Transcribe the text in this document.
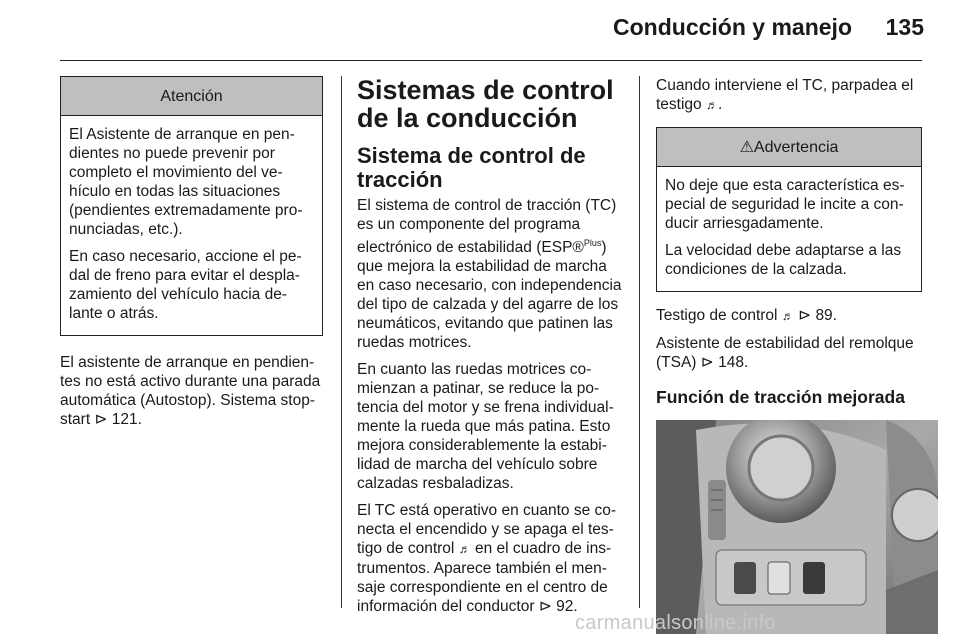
Conducción y manejo	135
Atención

El Asistente de arranque en pendientes no puede prevenir por completo el movimiento del vehículo en todas las situaciones (pendientes extremadamente pronunciadas, etc.).

En caso necesario, accione el pedal de freno para evitar el desplazamiento del vehículo hacia delante o atrás.

El asistente de arranque en pendientes no está activo durante una parada automática (Autostop). Sistema stop-start ⊳ 121.

Sistemas de control de la conducción
Sistema de control de tracción

El sistema de control de tracción (TC) es un componente del programa electrónico de estabilidad (ESP®$^{Plus}$) que mejora la estabilidad de marcha en caso necesario, con independencia del tipo de calzada y del agarre de los neumáticos, evitando que patinen las ruedas motrices.

En cuanto las ruedas motrices comienzan a patinar, se reduce la potencia del motor y se frena individualmente la rueda que más patina. Esto mejora considerablemente la estabilidad de marcha del vehículo sobre calzadas resbaladizas.

El TC está operativo en cuanto se conecta el encendido y se apaga el testigo de control ♬ en el cuadro de instrumentos. Aparece también el mensaje correspondiente en el centro de información del conductor ⊳ 92.

Cuando interviene el TC, parpadea el testigo ♬.

⚠Advertencia

No deje que esta característica especial de seguridad le incite a conducir arriesgadamente.

La velocidad debe adaptarse a las condiciones de la calzada.

Testigo de control ♬ ⊳ 89.

Asistente de estabilidad del remolque (TSA) ⊳ 148.

Función de tracción mejorada
carmanualsonline.info
